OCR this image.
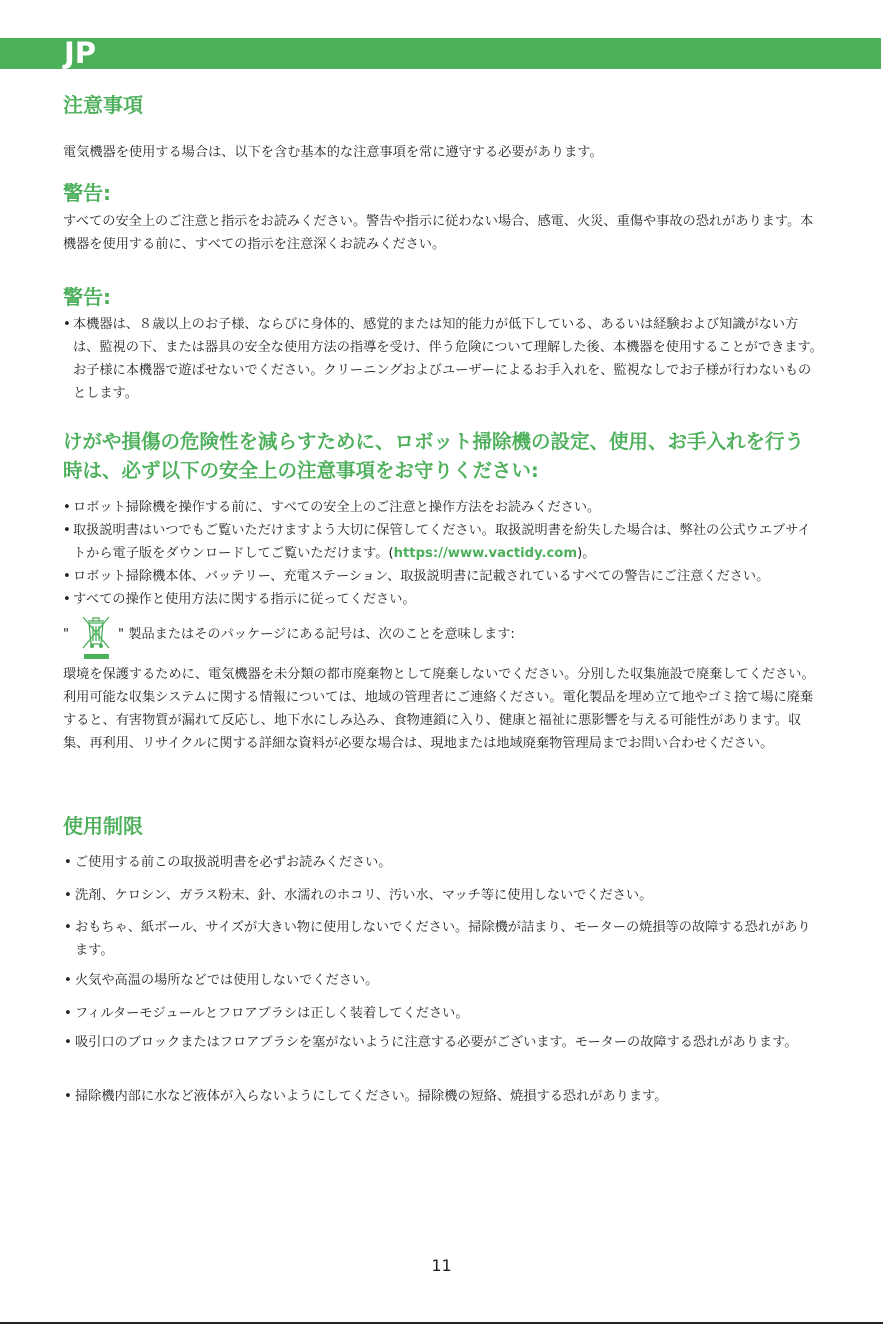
JP
注意事項
電気機器を使用する場合は、以下を含む基本的な注意事項を常に遵守する必要があります。
警告:
すべての安全上のご注意と指示をお読みください。警告や指示に従わない場合、感電、火災、重傷や事故の恐れがあります。本機器を使用する前に、すべての指示を注意深くお読みください。
警告:
• 本機器は、８歳以上のお子様、ならびに身体的、感覚的または知的能力が低下している、あるいは経験および知識がない方は、監視の下、または器具の安全な使用方法の指導を受け、伴う危険について理解した後、本機器を使用することができます。お子様に本機器で遊ばせないでください。クリーニングおよびユーザーによるお手入れを、監視なしでお子様が行わないものとします。
けがや損傷の危険性を減らすために、ロボット掃除機の設定、使用、お手入れを行う時は、必ず以下の安全上の注意事項をお守りください:
• ロボット掃除機を操作する前に、すべての安全上のご注意と操作方法をお読みください。
• 取扱説明書はいつでもご覧いただけますよう大切に保管してください。取扱説明書を紛失した場合は、弊社の公式ウエブサイトから電子版をダウンロードしてご覧いただけます。(https://www.vactidy.com)。
• ロボット掃除機本体、バッテリー、充電ステーション、取扱説明書に記載されているすべての警告にご注意ください。
• すべての操作と使用方法に関する指示に従ってください。
"	" 製品またはそのパッケージにある記号は、次のことを意味します:
環境を保護するために、電気機器を未分類の都市廃棄物として廃棄しないでください。分別した収集施設で廃棄してください。利用可能な収集システムに関する情報については、地域の管理者にご連絡ください。電化製品を埋め立て地やゴミ捨て場に廃棄すると、有害物質が漏れて反応し、地下水にしみ込み、食物連鎖に入り、健康と福祉に悪影響を与える可能性があります。収集、再利用、リサイクルに関する詳細な資料が必要な場合は、現地または地域廃棄物管理局までお問い合わせください。
使用制限
• ご使用する前この取扱説明書を必ずお読みください。
• 洗剤、ケロシン、ガラス粉末、針、水濡れのホコリ、汚い水、マッチ等に使用しないでください。
• おもちゃ、紙ボール、サイズが大きい物に使用しないでください。掃除機が詰まり、モーターの焼損等の故障する恐れがあります。
• 火気や高温の場所などでは使用しないでください。
• フィルターモジュールとフロアブラシは正しく装着してください。
• 吸引口のブロックまたはフロアブラシを塞がないように注意する必要がございます。モーターの故障する恐れがあります。
• 掃除機内部に水など液体が入らないようにしてください。掃除機の短絡、焼損する恐れがあります。
11
